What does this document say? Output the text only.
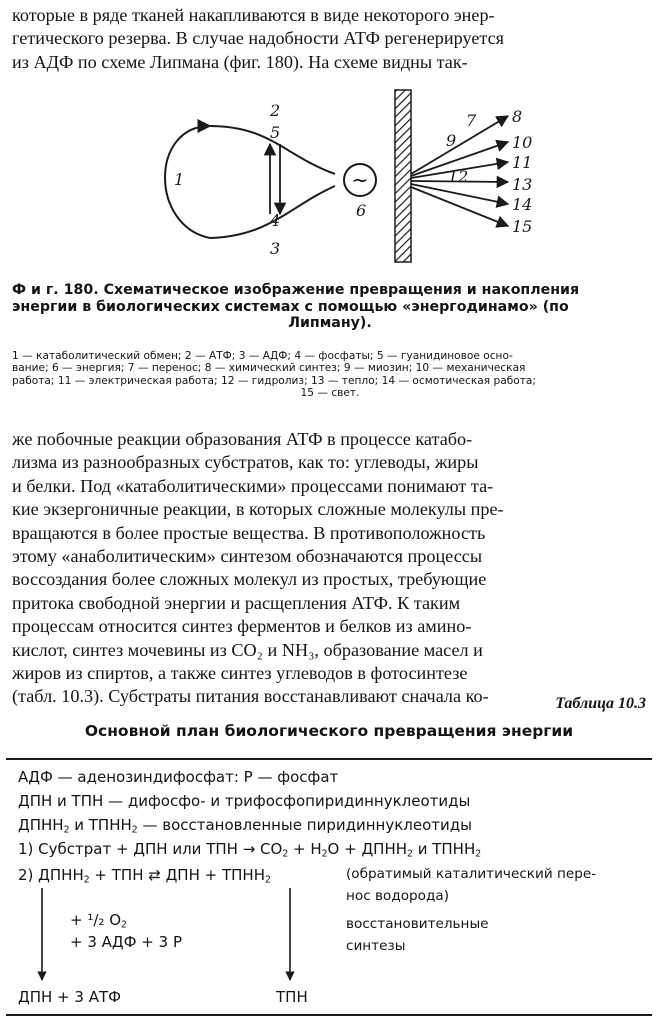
которые в ряде тканей накапливаются в виде некоторого энер-
гетического резерва. В случае надобности АТФ регенерируется
из АДФ по схеме Липмана (фиг. 180). На схеме видны так-
~
1
2
3
4
5
6
7 8
9	10
11
12	13
14
15
Ф и г. 180. Схематическое изображение превращения и накопления
энергии в биологических системах с помощью «энергодинамо» (по
Липману).
1 — катаболитический обмен; 2 — АТФ; 3 — АДФ; 4 — фосфаты; 5 — гуанидиновое осно-
вание; 6 — энергия; 7 — перенос; 8 — химический синтез; 9 — миозин; 10 — механическая
работа; 11 — электрическая работа; 12 — гидролиз; 13 — тепло; 14 — осмотическая работа;
15 — свет.
же побочные реакции образования АТФ в процессе катабо-
лизма из разнообразных субстратов, как то: углеводы, жиры
и белки. Под «катаболитическими» процессами понимают та-
кие экзергоничные реакции, в которых сложные молекулы пре-
вращаются в более простые вещества. В противоположность
этому «анаболитическим» синтезом обозначаются процессы
воссоздания более сложных молекул из простых, требующие
притока свободной энергии и расщепления АТФ. К таким
процессам относится синтез ферментов и белков из амино-
кислот, синтез мочевины из CO₂ и NH₃, образование масел и
жиров из спиртов, а также синтез углеводов в фотосинтезе
(табл. 10.3). Субстраты питания восстанавливают сначала ко-	Таблица 10.3
Основной план биологического превращения энергии
АДФ — аденозиндифосфат: Р — фосфат
ДПН и ТПН — дифосфо- и трифосфопиридиннуклеотиды
$ДПНН_2$ и $ТПНН_2$ — восстановленные пиридиннуклеотиды
1) Субстрат + ДПН или ТПН → $CO_2 + H_2O$ + $ДПНН_2$ и $ТПНН_2$
2) $ДПНН_2$ + ТПН ⇄ ДПН + $ТПНН_2$	(обратимый каталитический пере-
нос водорода)
восстановительные
синтезы
+ ¹/₂ $O_2$
+ 3 АДФ + 3 Р
ДПН + 3 АТФ	ТПН
